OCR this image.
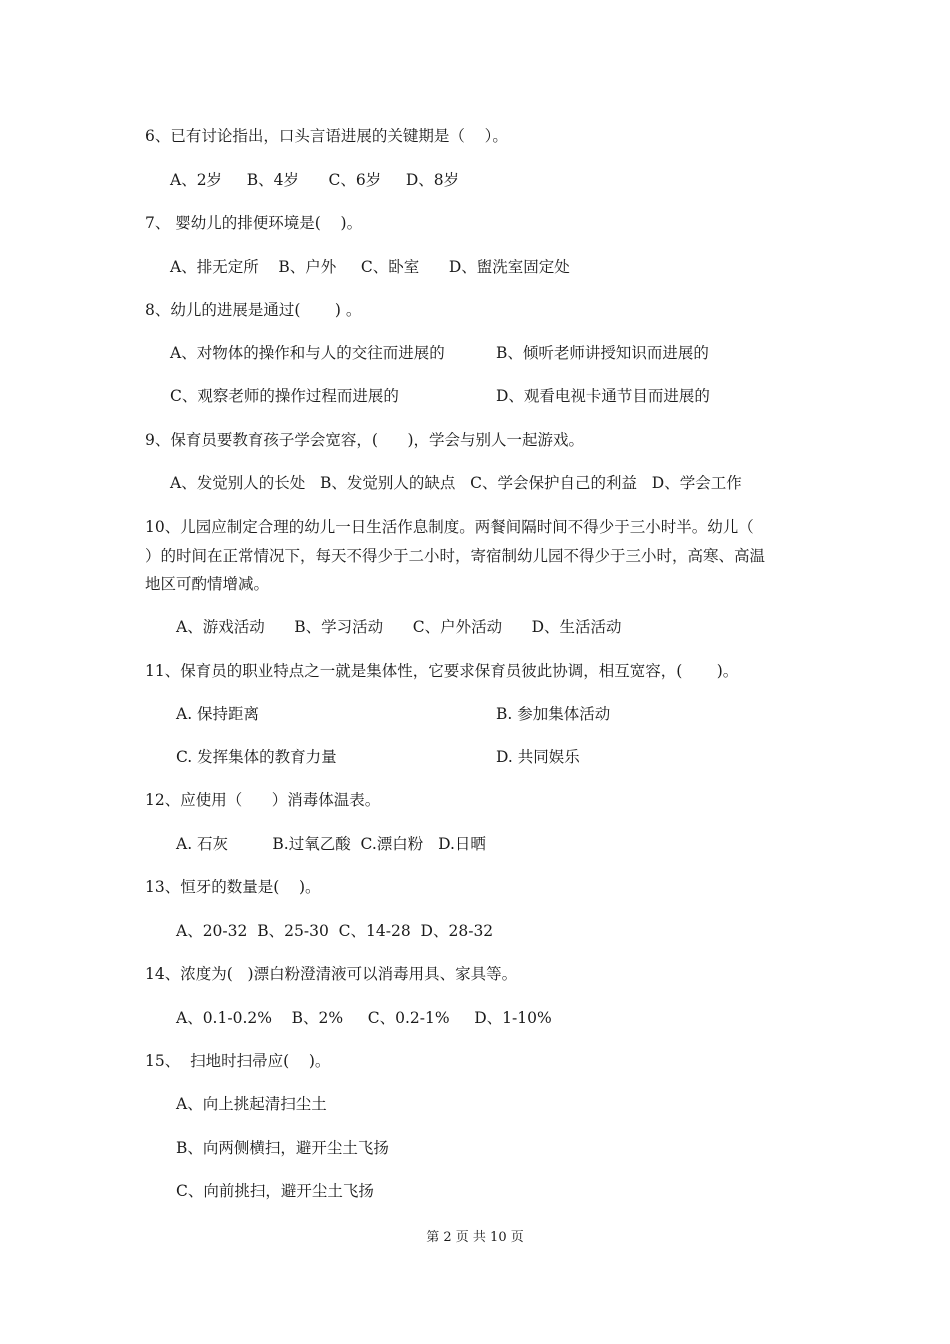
6、已有讨论指出，口头言语进展的关键期是（    ）。
A、2岁     B、4岁      C、6岁     D、8岁
7、 婴幼儿的排便环境是(    )。
A、排无定所    B、户外     C、卧室      D、盥洗室固定处
8、幼儿的进展是通过(       ) 。
A、对物体的操作和与人的交往而进展的	B、倾听老师讲授知识而进展的
C、观察老师的操作过程而进展的	D、观看电视卡通节目而进展的
9、保育员要教育孩子学会宽容，(      )，学会与别人一起游戏。
A、发觉别人的长处   B、发觉别人的缺点   C、学会保护自己的利益   D、学会工作
10、儿园应制定合理的幼儿一日生活作息制度。两餐间隔时间不得少于三小时半。幼儿（
）的时间在正常情况下，每天不得少于二小时，寄宿制幼儿园不得少于三小时，高寒、高温
地区可酌情增减。
A、游戏活动      B、学习活动      C、户外活动      D、生活活动
11、保育员的职业特点之一就是集体性，它要求保育员彼此协调，相互宽容，(       )。
A. 保持距离	B. 参加集体活动
C. 发挥集体的教育力量	D. 共同娱乐
12、应使用（      ）消毒体温表。
A. 石灰         B.过氧乙酸  C.漂白粉   D.日晒
13、恒牙的数量是(    )。
A、20-32  B、25-30  C、14-28  D、28-32
14、浓度为(   )漂白粉澄清液可以消毒用具、家具等。
A、0.1-0.2%    B、2%     C、0.2-1%     D、1-10%
15、  扫地时扫帚应(    )。
A、向上挑起清扫尘土
B、向两侧横扫，避开尘土飞扬
C、向前挑扫，避开尘土飞扬
第 2 页 共 10 页
